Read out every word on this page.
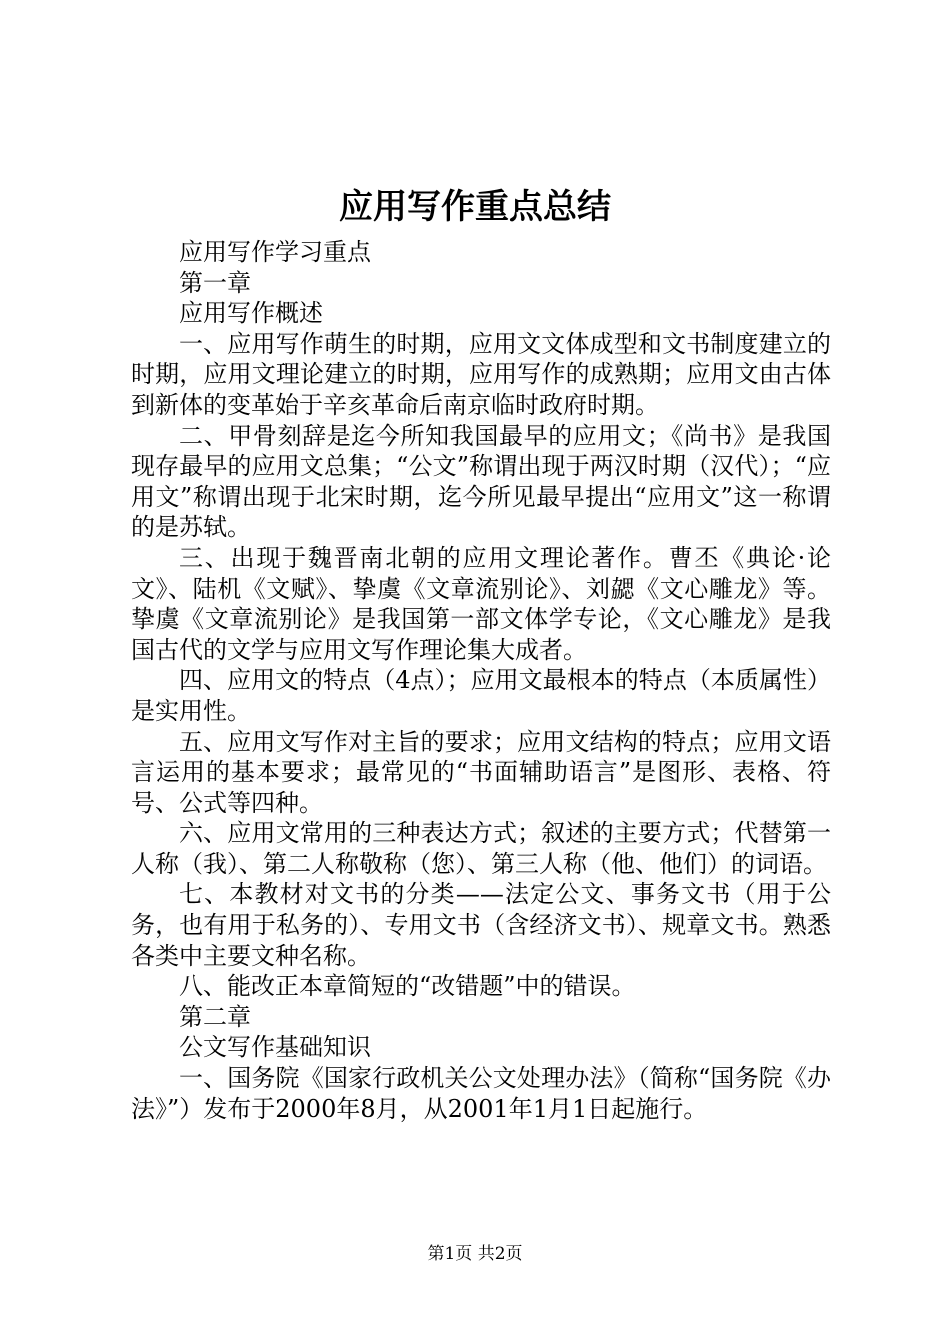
应用写作重点总结

应用写作学习重点

第一章

应用写作概述

一、应用写作萌生的时期，应用文文体成型和文书制度建立的时期，应用文理论建立的时期，应用写作的成熟期；应用文由古体到新体的变革始于辛亥革命后南京临时政府时期。

二、甲骨刻辞是迄今所知我国最早的应用文；《尚书》是我国现存最早的应用文总集；“公文”称谓出现于两汉时期（汉代）；“应用文”称谓出现于北宋时期，迄今所见最早提出“应用文”这一称谓的是苏轼。

三、出现于魏晋南北朝的应用文理论著作。曹丕《典论·论文》、陆机《文赋》、挚虞《文章流别论》、刘勰《文心雕龙》等。挚虞《文章流别论》是我国第一部文体学专论，《文心雕龙》是我国古代的文学与应用文写作理论集大成者。

四、应用文的特点（4点）；应用文最根本的特点（本质属性）是实用性。

五、应用文写作对主旨的要求；应用文结构的特点；应用文语言运用的基本要求；最常见的“书面辅助语言”是图形、表格、符号、公式等四种。

六、应用文常用的三种表达方式；叙述的主要方式；代替第一人称（我）、第二人称敬称（您）、第三人称（他、他们）的词语。

七、本教材对文书的分类——法定公文、事务文书（用于公务，也有用于私务的）、专用文书（含经济文书）、规章文书。熟悉各类中主要文种名称。

八、能改正本章简短的“改错题”中的错误。

第二章

公文写作基础知识

一、国务院《国家行政机关公文处理办法》（简称“国务院《办法》”）发布于2000年8月，从2001年1月1日起施行。

第1页 共2页
